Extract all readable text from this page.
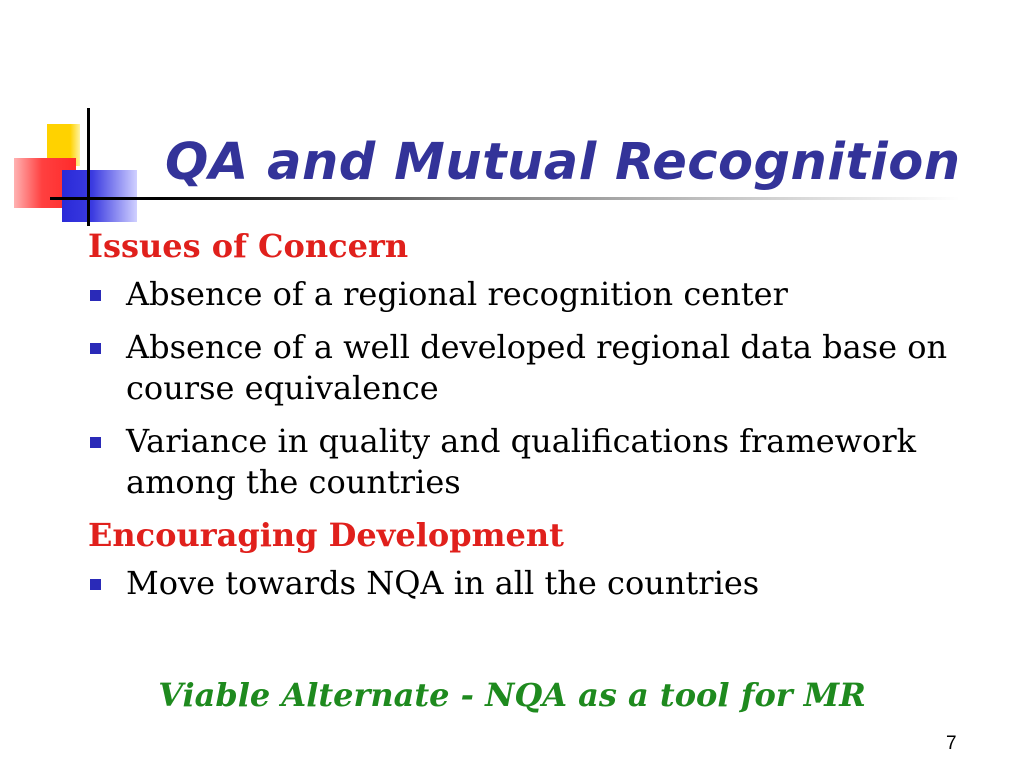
QA and Mutual Recognition
Issues of Concern
Absence of a regional recognition center
Absence of a well developed regional data base on course equivalence
Variance in quality and qualifications framework among the countries
Encouraging Development
Move towards NQA in all the countries
Viable Alternate - NQA as a tool for MR
7
